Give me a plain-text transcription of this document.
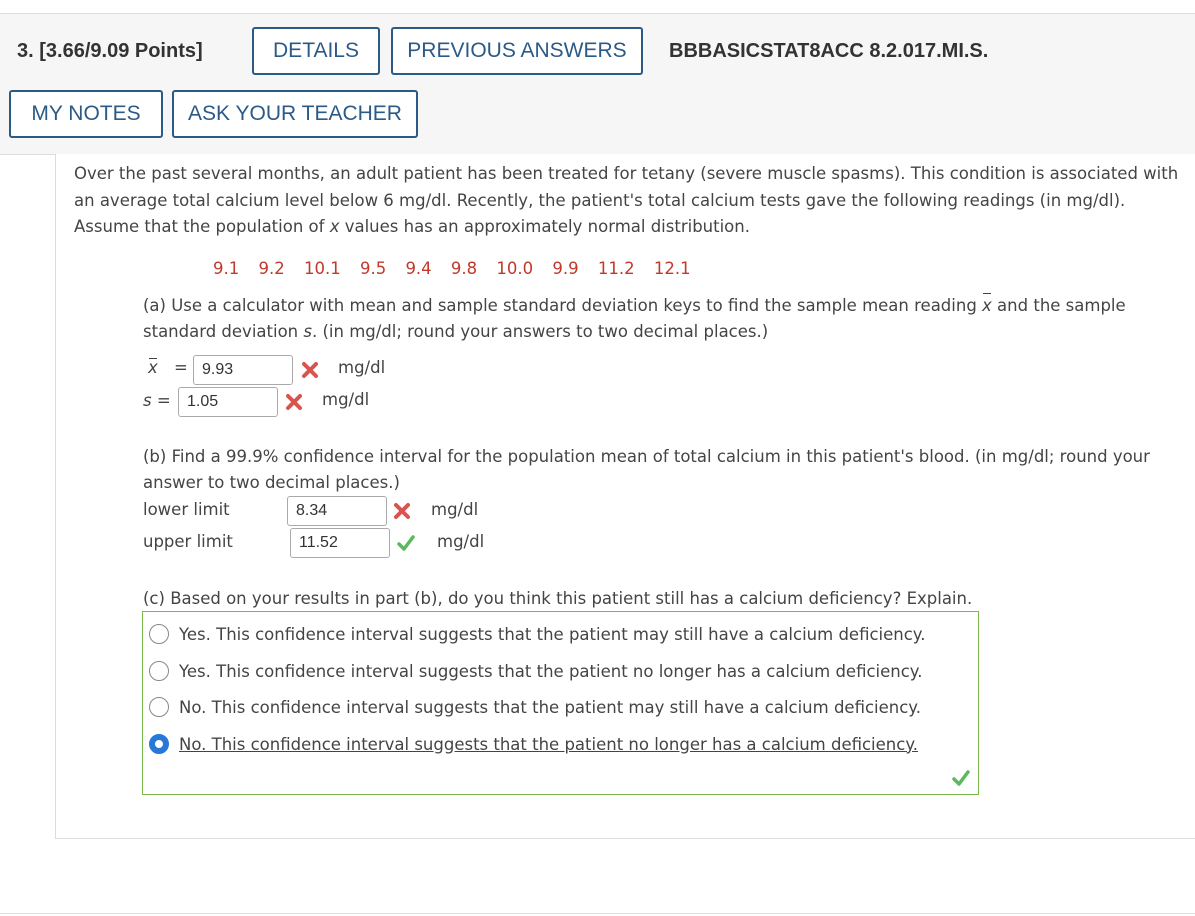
3. [3.66/9.09 Points]	DETAILS	PREVIOUS ANSWERS	BBBASICSTAT8ACC 8.2.017.MI.S.
MY NOTES	ASK YOUR TEACHER
Over the past several months, an adult patient has been treated for tetany (severe muscle spasms). This condition is associated with an average total calcium level below 6 mg/dl. Recently, the patient's total calcium tests gave the following readings (in mg/dl). Assume that the population of x values has an approximately normal distribution.
9.1 9.2 10.1 9.5 9.4 9.8 10.0 9.9 11.2 12.1
(a) Use a calculator with mean and sample standard deviation keys to find the sample mean reading x and the sample standard deviation s. (in mg/dl; round your answers to two decimal places.)
x = 9.93	mg/dl
s =	1.05	mg/dl
(b) Find a 99.9% confidence interval for the population mean of total calcium in this patient's blood. (in mg/dl; round your answer to two decimal places.)
lower limit	8.34	mg/dl
upper limit	11.52	mg/dl
(c) Based on your results in part (b), do you think this patient still has a calcium deficiency? Explain.
Yes. This confidence interval suggests that the patient may still have a calcium deficiency.
Yes. This confidence interval suggests that the patient no longer has a calcium deficiency.
No. This confidence interval suggests that the patient may still have a calcium deficiency.
No. This confidence interval suggests that the patient no longer has a calcium deficiency.
